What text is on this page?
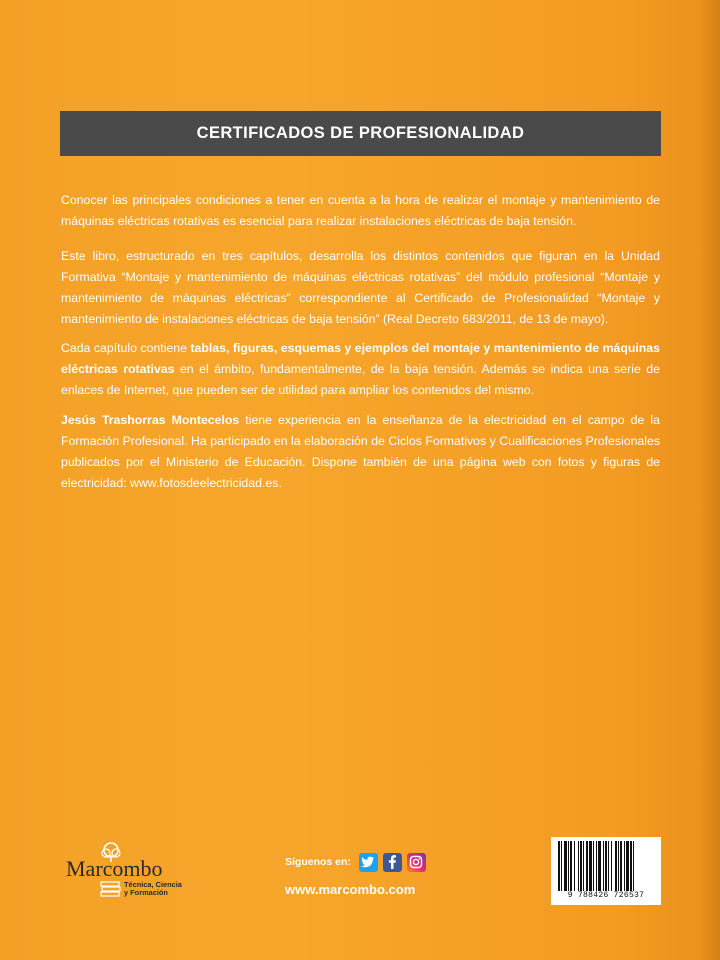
CERTIFICADOS DE PROFESIONALIDAD

Conocer las principales condiciones a tener en cuenta a la hora de realizar el montaje y mantenimiento de máquinas eléctricas rotativas es esencial para realizar instalaciones eléctricas de baja tensión.

Este libro, estructurado en tres capítulos, desarrolla los distintos contenidos que figuran en la Unidad Formativa “Montaje y mantenimiento de máquinas eléctricas rotativas” del módulo profesional “Montaje y mantenimiento de máquinas eléctricas” correspondiente al Certificado de Profesionalidad “Montaje y mantenimiento de instalaciones eléctricas de baja tensión” (Real Decreto 683/2011, de 13 de mayo).

Cada capítulo contiene tablas, figuras, esquemas y ejemplos del montaje y mantenimiento de máquinas eléctricas rotativas en el ámbito, fundamentalmente, de la baja tensión. Además se indica una serie de enlaces de Internet, que pueden ser de utilidad para ampliar los contenidos del mismo.

Jesús Trashorras Montecelos tiene experiencia en la enseñanza de la electricidad en el campo de la Formación Profesional. Ha participado en la elaboración de Ciclos Formativos y Cualificaciones Profesionales publicados por el Ministerio de Educación. Dispone también de una página web con fotos y figuras de electricidad: www.fotosdeelectricidad.es.

Marcombo
Técnica, Ciencia
y Formación
Síguenos en:
www.marcombo.com	9 788426 726537
